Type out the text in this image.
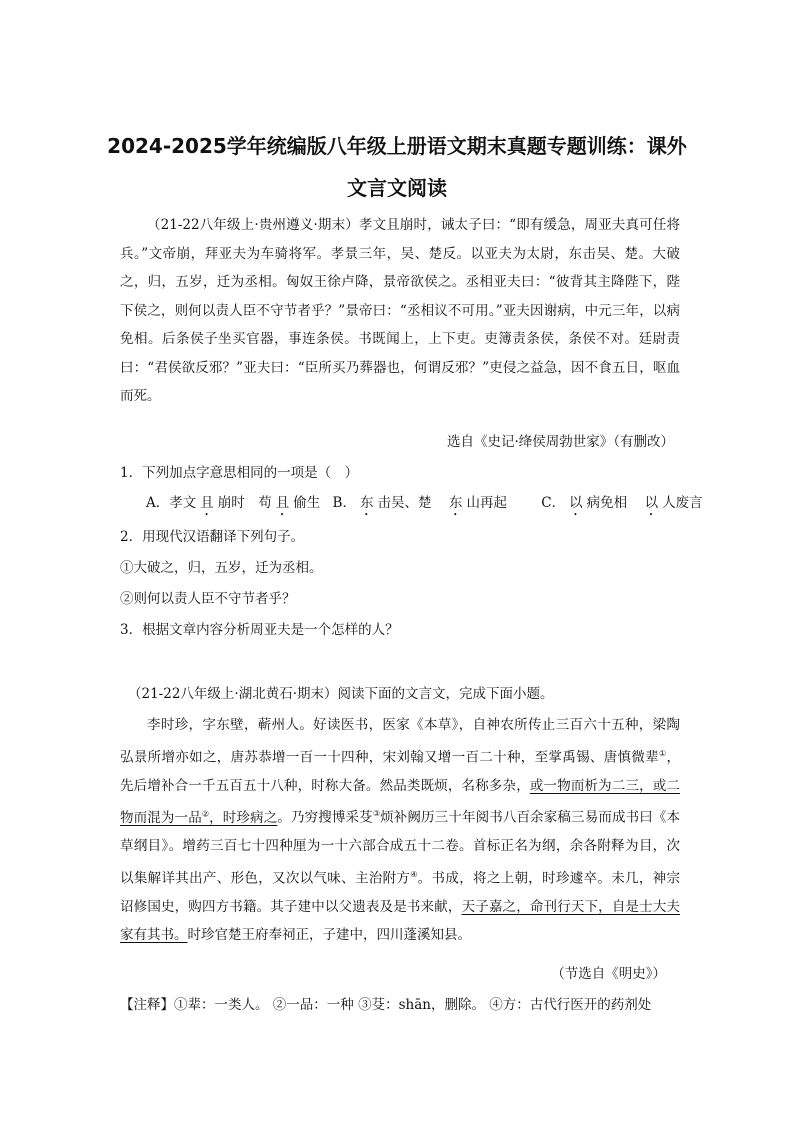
2024-2025学年统编版八年级上册语文期末真题专题训练：课外
文言文阅读

（21-22八年级上·贵州遵义·期末）孝文且崩时，诫太子曰：“即有缓急，周亚夫真可任将兵。”文帝崩，拜亚夫为车骑将军。孝景三年，吴、楚反。以亚夫为太尉，东击吴、楚。大破之，归，五岁，迁为丞相。匈奴王徐卢降，景帝欲侯之。丞相亚夫曰：“彼背其主降陛下，陛下侯之，则何以责人臣不守节者乎？”景帝曰：“丞相议不可用。”亚夫因谢病，中元三年，以病免相。后条侯子坐买官器，事连条侯。书既闻上，上下吏。吏簿责条侯，条侯不对。廷尉责曰：“君侯欲反邪？”亚夫曰：“臣所买乃葬器也，何谓反邪？”吏侵之益急，因不食五日，呕血而死。

选自《史记·绛侯周勃世家》（有删改）
1．下列加点字意思相同的一项是（　）
A．孝文 且 崩时　苟 且 偷生 B． 东 击吴、楚　东 山再起	C． 以 病免相　以 人废言
2．用现代汉语翻译下列句子。
①大破之，归，五岁，迁为丞相。
②则何以责人臣不守节者乎？
3．根据文章内容分析周亚夫是一个怎样的人？
（21-22八年级上·湖北黄石·期末）阅读下面的文言文，完成下面小题。

李时珍，字东壁，蕲州人。好读医书，医家《本草》，自神农所传止三百六十五种，梁陶弘景所增亦如之，唐苏恭增一百一十四种，宋刘翰又增一百二十种，至掌禹锡、唐慎微辈①，先后增补合一千五百五十八种，时称大备。然品类既烦，名称多杂，或一物而析为二三，或二物而混为一品②，时珍病之。乃穷搜博采芟③烦补阙历三十年阅书八百余家稿三易而成书曰《本草纲目》。增药三百七十四种厘为一十六部合成五十二卷。首标正名为纲，余各附释为目，次以集解详其出产、形色，又次以气味、主治附方④。书成，将之上朝，时珍遽卒。未几，神宗诏修国史，购四方书籍。其子建中以父遗表及是书来献，天子嘉之，命刊行天下，自是士大夫家有其书。时珍官楚王府奉祠正，子建中，四川蓬溪知县。

（节选自《明史》）
【注释】①辈：一类人。 ②一品：一种 ③芟：shān，删除。 ④方：古代行医开的药剂处
